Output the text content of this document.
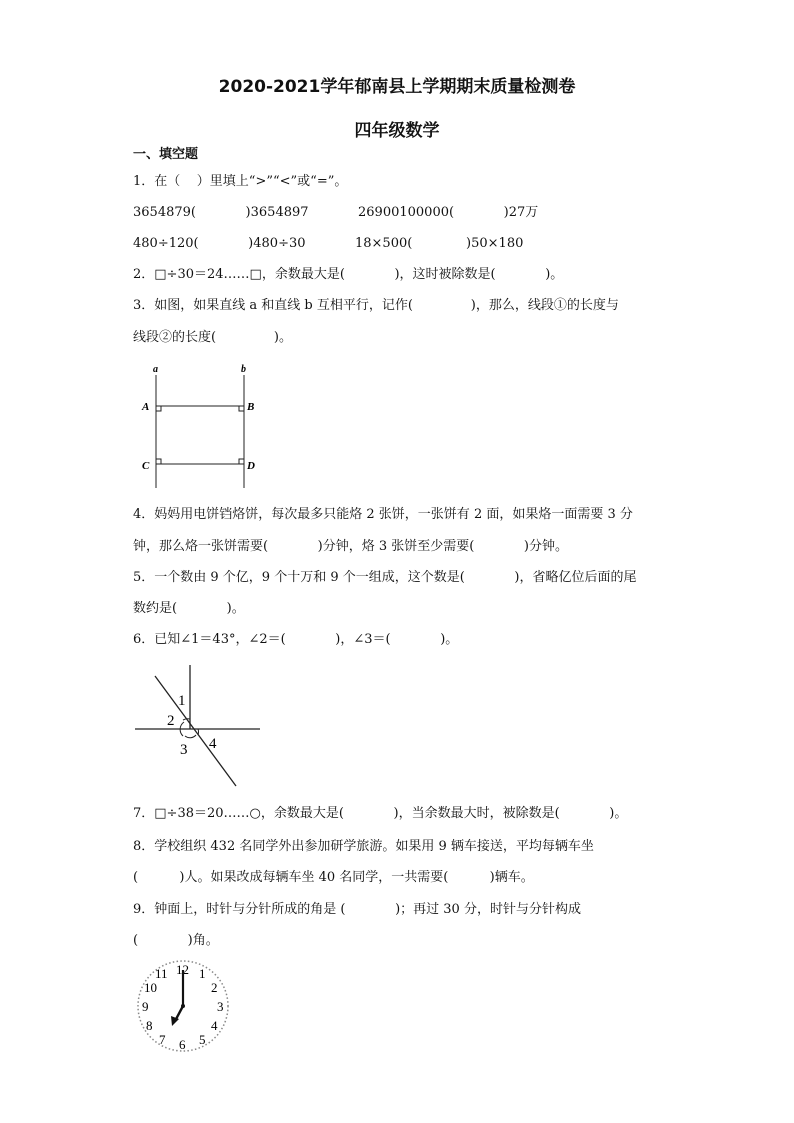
2020-2021学年郁南县上学期期末质量检测卷
四年级数学
一、填空题
1．在（    ）里填上“>”“<”或“=”。
3654879(            )3654897	26900100000(            )27万
480÷120(            )480÷30	18×500(             )50×180
2．□÷30＝24……□，余数最大是(            )，这时被除数是(            )。
3．如图，如果直线 a 和直线 b 互相平行，记作(              )，那么，线段①的长度与
线段②的长度(              )。
a	b
A	B
C	D
4．妈妈用电饼铛烙饼，每次最多只能烙 2 张饼，一张饼有 2 面，如果烙一面需要 3 分
钟，那么烙一张饼需要(            )分钟，烙 3 张饼至少需要(            )分钟。
5．一个数由 9 个亿，9 个十万和 9 个一组成，这个数是(            )，省略亿位后面的尾
数约是(            )。
6．已知∠1＝43°，∠2＝(            )，∠3＝(            )。
1
2
3 4
7．□÷38＝20……○，余数最大是(            )，当余数最大时，被除数是(            )。
8．学校组织 432 名同学外出参加研学旅游。如果用 9 辆车接送，平均每辆车坐
(          )人。如果改成每辆车坐 40 名同学，一共需要(          )辆车。
9．钟面上，时针与分针所成的角是 (            )；再过 30 分，时针与分针构成
(            )角。
12 1
2
3
4
5
6
7
8
9
10
11
